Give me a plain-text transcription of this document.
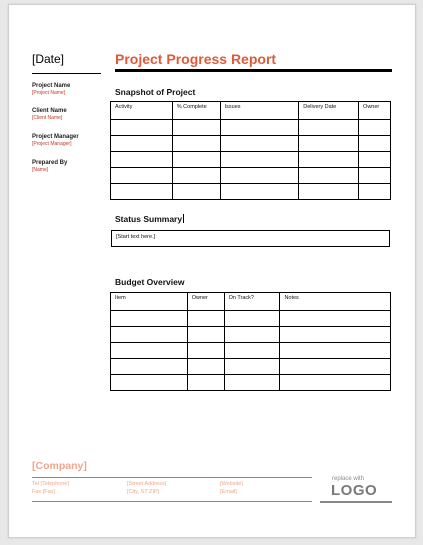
[Date]
Project Name
[Project Name]
Client Name
[Client Name]
Project Manager
[Project Manager]
Prepared By
[Name]
Project Progress Report
Snapshot of Project
Activity	% Complete	Issues	Delivery Date	Owner

Status Summary
[Start text here.]
Budget Overview
Item	Owner	On Track?	Notes

[Company]
Tel [Telephone]
Fax [Fax]
[Street Address]
[City, ST ZIP]
[Website]
[Email]
replace with
LOGO
